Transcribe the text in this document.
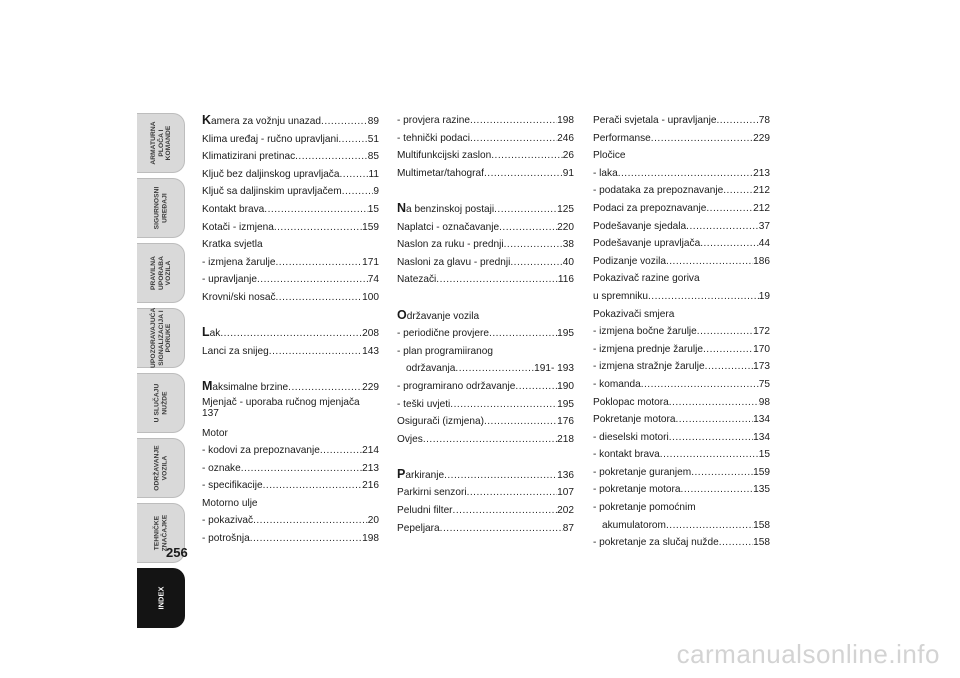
ARMATURNA
PLOČA I
KOMANDE
SIGURNOSNI
UREĐAJI
PRAVILNA
UPORABA
VOZILA
UPOZORAVAJUĆA
SIGNALIZACIJA I
PORUKE
U SLUČAJU
NUŽDE
ODRŽAVANJE
VOZILA
TEHNIČKE
ZNAČAJKE
INDEX
256
Kamera za vožnju unazad .....	89
Klima uređaj - ručno upravljani .....	51
Klimatizirani pretinac .....	85
Ključ bez daljinskog upravljača .....	11
Ključ sa daljinskim upravljačem .....	9
Kontakt brava .....	15
Kotači - izmjena .....	159
Kratka svjetla
- izmjena žarulje .....	171
- upravljanje .....	74
Krovni/ski nosač .....	100
Lak .....	208
Lanci za snijeg .....	143
Maksimalne brzine .....	229
Mjenjač - uporaba ručnog mjenjača 137
Motor
- kodovi za prepoznavanje .....	214
- oznake .....	213
- specifikacije .....	216
Motorno ulje
- pokazivač .....	20
- potrošnja .....	198
- provjera razine .....	198
- tehnički podaci .....	246
Multifunkcijski zaslon .....	26
Multimetar/tahograf .....	91
Na benzinskoj postaji .....	125
Naplatci - označavanje .....	220
Naslon za ruku - prednji .....	38
Nasloni za glavu - prednji .....	40
Natezači .....	116
Održavanje vozila
- periodične provjere .....	195
- plan programiiranog
održavanja .....	191- 193
- programirano održavanje .....	190
- teški uvjeti .....	195
Osigurači (izmjena) .....	176
Ovjes .....	218
Parkiranje .....	136
Parkirni senzori .....	107
Peludni filter .....	202
Pepeljara .....	87
Perači svjetala - upravljanje .....	78
Performanse .....	229
Pločice
- laka .....	213
- podataka za prepoznavanje .....	212
Podaci za prepoznavanje .....	212
Podešavanje sjedala .....	37
Podešavanje upravljača .....	44
Podizanje vozila .....	186
Pokazivač razine goriva
u spremniku .....	19
Pokazivači smjera
- izmjena bočne žarulje .....	172
- izmjena prednje žarulje .....	170
- izmjena stražnje žarulje .....	173
- komanda .....	75
Poklopac motora .....	98
Pokretanje motora .....	134
- dieselski motori .....	134
- kontakt brava .....	15
- pokretanje guranjem .....	159
- pokretanje motora .....	135
- pokretanje pomoćnim
akumulatorom .....	158
- pokretanje za slučaj nužde .....	158
carmanualsonline.info
